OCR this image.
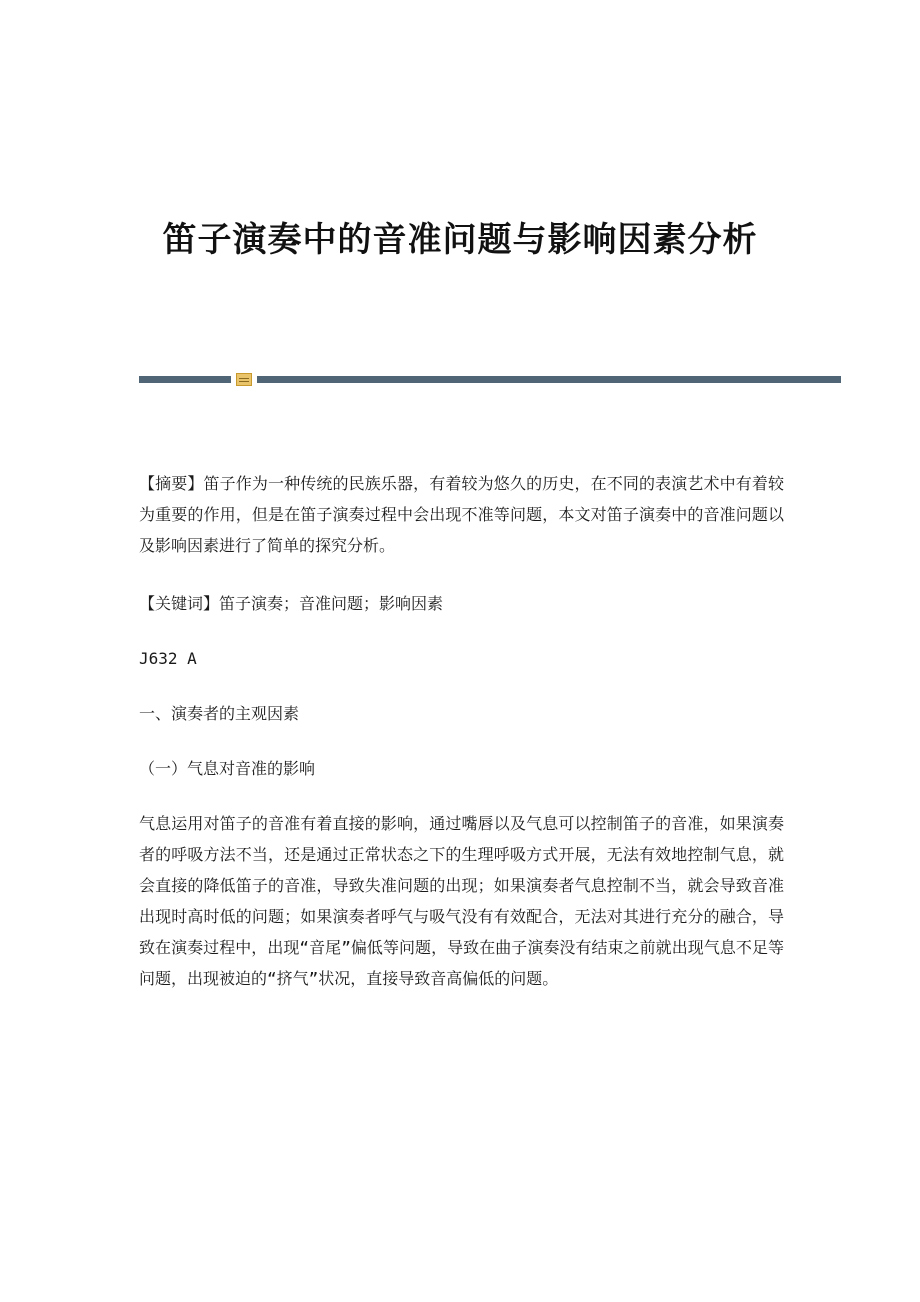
笛子演奏中的音准问题与影响因素分析

【摘要】笛子作为一种传统的民族乐器，有着较为悠久的历史，在不同的表演艺术中有着较为重要的作用，但是在笛子演奏过程中会出现不准等问题，本文对笛子演奏中的音准问题以及影响因素进行了简单的探究分析。

【关键词】笛子演奏；音准问题；影响因素

J632 A

一、演奏者的主观因素

（一）气息对音准的影响

气息运用对笛子的音准有着直接的影响，通过嘴唇以及气息可以控制笛子的音准，如果演奏者的呼吸方法不当，还是通过正常状态之下的生理呼吸方式开展，无法有效地控制气息，就会直接的降低笛子的音准，导致失准问题的出现；如果演奏者气息控制不当，就会导致音准出现时高时低的问题；如果演奏者呼气与吸气没有有效配合，无法对其进行充分的融合，导致在演奏过程中，出现“音尾”偏低等问题，导致在曲子演奏没有结束之前就出现气息不足等问题，出现被迫的“挤气”状况，直接导致音高偏低的问题。
